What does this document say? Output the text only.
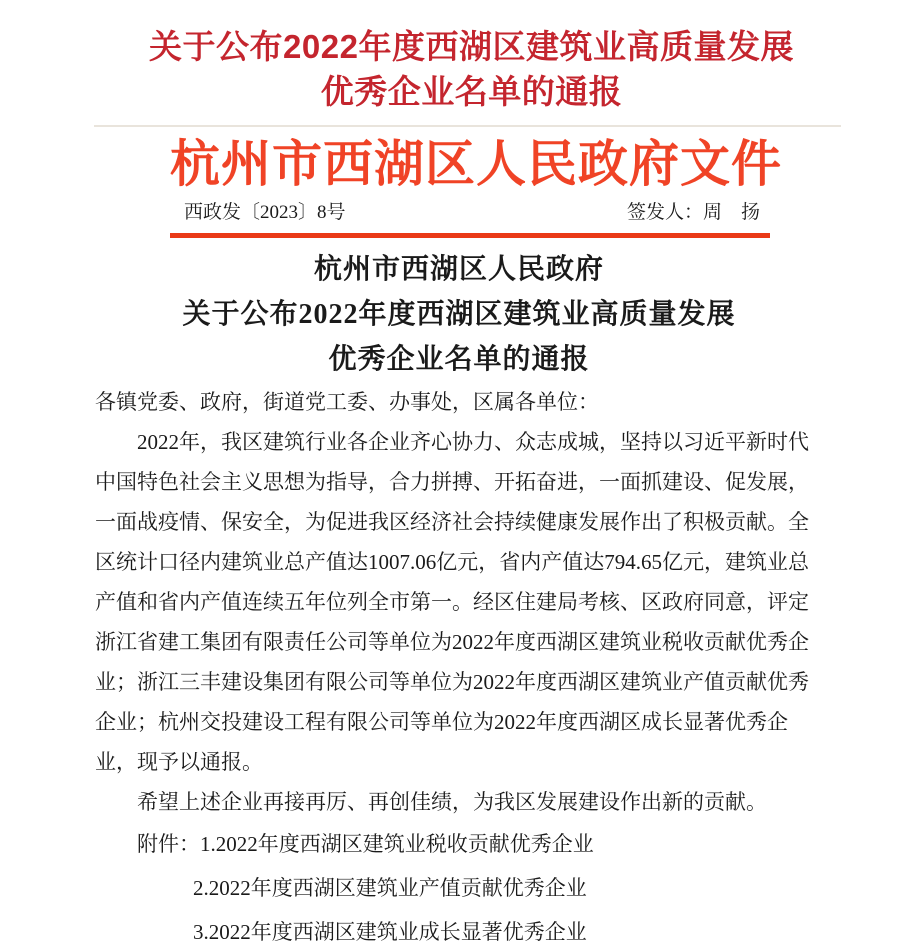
关于公布2022年度西湖区建筑业高质量发展
优秀企业名单的通报
杭州市西湖区人民政府文件
西政发〔2023〕8号	签发人：周　扬
杭州市西湖区人民政府
关于公布2022年度西湖区建筑业高质量发展
优秀企业名单的通报
各镇党委、政府，街道党工委、办事处，区属各单位：
2022年，我区建筑行业各企业齐心协力、众志成城，坚持以习近平新时代
中国特色社会主义思想为指导，合力拼搏、开拓奋进，一面抓建设、促发展，
一面战疫情、保安全，为促进我区经济社会持续健康发展作出了积极贡献。全
区统计口径内建筑业总产值达1007.06亿元，省内产值达794.65亿元，建筑业总
产值和省内产值连续五年位列全市第一。经区住建局考核、区政府同意，评定
浙江省建工集团有限责任公司等单位为2022年度西湖区建筑业税收贡献优秀企
业；浙江三丰建设集团有限公司等单位为2022年度西湖区建筑业产值贡献优秀
企业；杭州交投建设工程有限公司等单位为2022年度西湖区成长显著优秀企
业，现予以通报。
希望上述企业再接再厉、再创佳绩，为我区发展建设作出新的贡献。
附件：1.2022年度西湖区建筑业税收贡献优秀企业
2.2022年度西湖区建筑业产值贡献优秀企业
3.2022年度西湖区建筑业成长显著优秀企业
